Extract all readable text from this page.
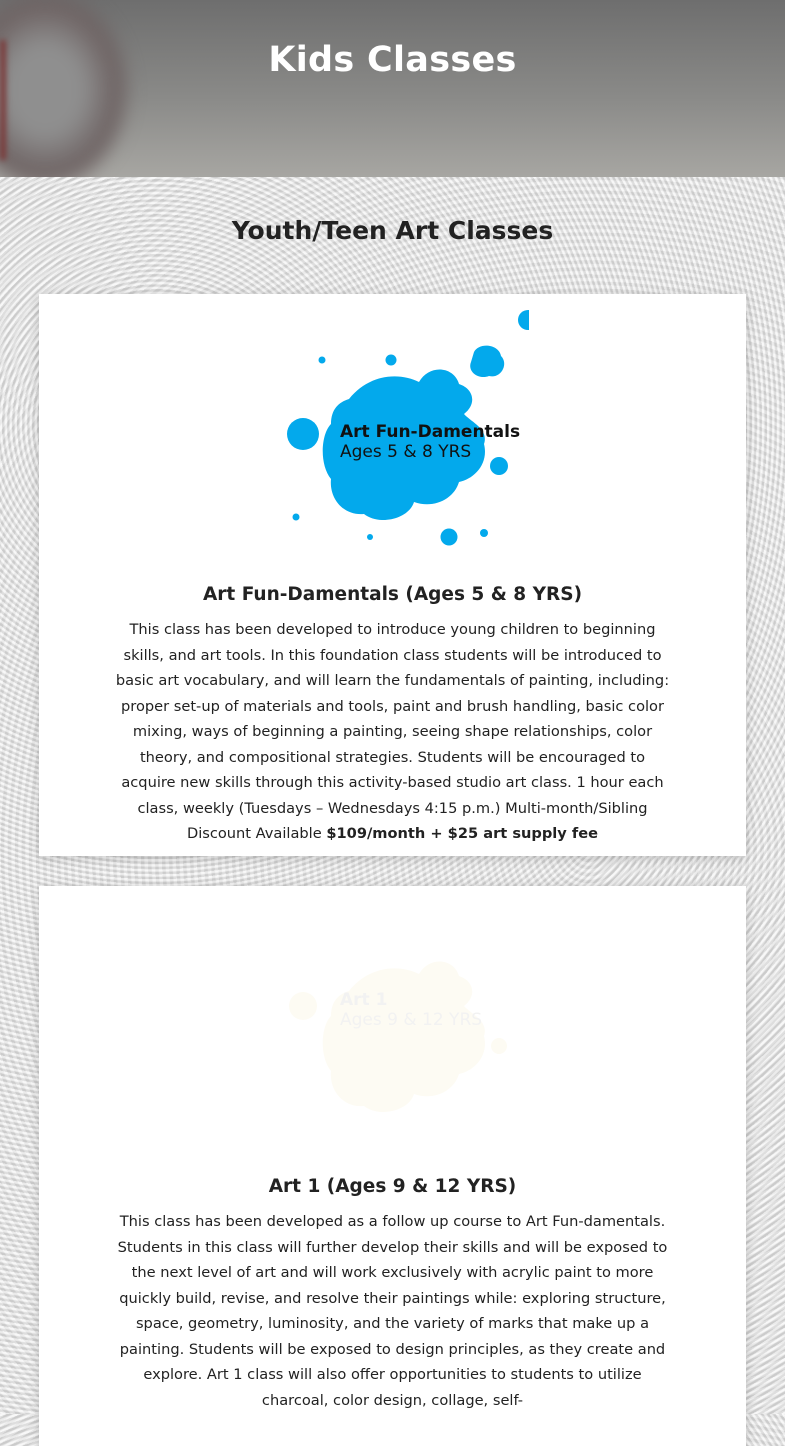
Kids Classes
Youth/Teen Art Classes
Art Fun-Damentals
Ages 5 & 8 YRS
Art Fun-Damentals (Ages 5 & 8 YRS)

This class has been developed to introduce young children to beginning skills, and art tools. In this foundation class students will be introduced to basic art vocabulary, and will learn the fundamentals of painting, including: proper set-up of materials and tools, paint and brush handling, basic color mixing, ways of beginning a painting, seeing shape relationships, color theory, and compositional strategies. Students will be encouraged to acquire new skills through this activity-based studio art class. 1 hour each class, weekly (Tuesdays – Wednesdays 4:15 p.m.) Multi-month/Sibling Discount Available $109/month + $25 art supply fee

Art 1
Ages 9 & 12 YRS
Art 1 (Ages 9 & 12 YRS)

This class has been developed as a follow up course to Art Fun-damentals. Students in this class will further develop their skills and will be exposed to the next level of art and will work exclusively with acrylic paint to more quickly build, revise, and resolve their paintings while: exploring structure, space, geometry, luminosity, and the variety of marks that make up a painting. Students will be exposed to design principles, as they create and explore. Art 1 class will also offer opportunities to students to utilize charcoal, color design, collage, self-
